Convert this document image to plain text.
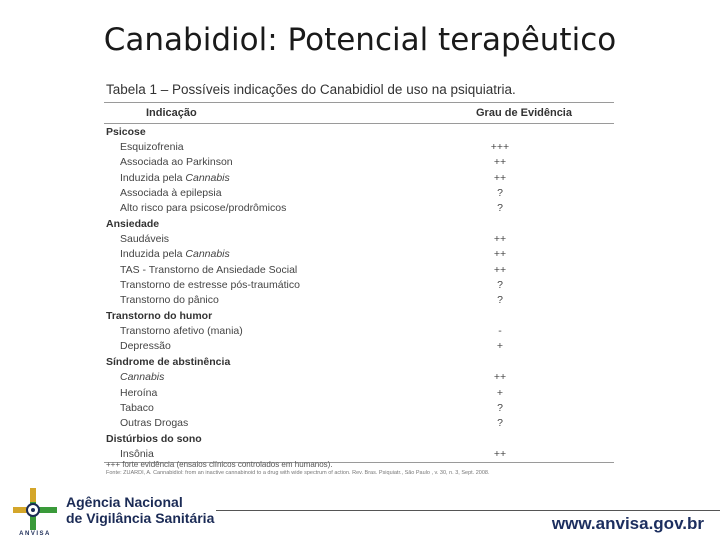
Canabidiol: Potencial terapêutico
Tabela 1 – Possíveis indicações do Canabidiol de uso na psiquiatria.
Indicação	Grau de Evidência
Psicose
Esquizofrenia	+++
Associada ao Parkinson	++
Induzida pela Cannabis	++
Associada à epilepsia	?
Alto risco para psicose/prodrômicos	?
Ansiedade
Saudáveis	++
Induzida pela Cannabis	++
TAS - Transtorno de Ansiedade Social	++
Transtorno de estresse pós-traumático	?
Transtorno do pânico	?
Transtorno do humor
Transtorno afetivo (mania)	-
Depressão	+
Síndrome de abstinência
Cannabis	++
Heroína	+
Tabaco	?
Outras Drogas	?
Distúrbios do sono
Insônia	++
+++ forte evidência (ensaios clínicos controlados em humanos).
Fonte: ZUARDI, A. Cannabidiol: from an inactive cannabinoid to a drug with wide spectrum of action. Rev. Bras. Psiquiatr., São Paulo , v. 30, n. 3, Sept. 2008.
ANVISA
Agência Nacional
de Vigilância Sanitária	www.anvisa.gov.br
